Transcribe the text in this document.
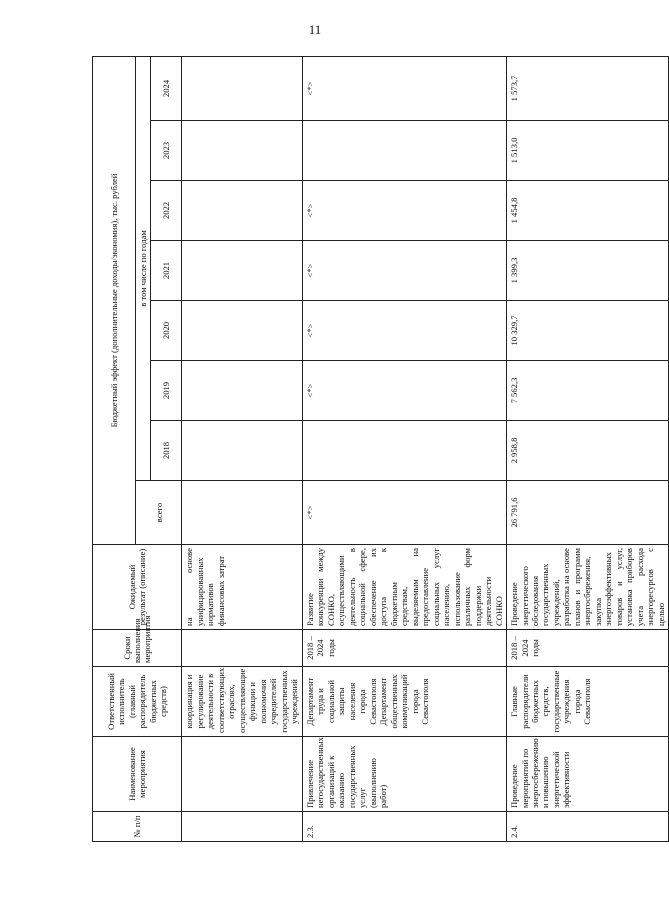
11
№ п/п	Наименование мероприятия	Ответственный исполнитель (главный распорядитель бюджетных средств)	Сроки выполнения мероприятия	Ожидаемый результат (описание)	Бюджетный эффект (дополнительные доходы/экономия), тыс. рублей							
					всего	в том числе по годам						
						2018	2019	2020	2021	2022	2023	2024
		координация и регулирование деятельности в соответствующих отраслях, осуществляющие функции и полномочия учредителей государственных учреждений		на основе унифицированных нормативов финансовых затрат								
2.3.	Привлечение негосударственных организаций к оказанию государственных услуг (выполнению работ)	Департамент труда и социальной защиты населения города Севастополя Департамент общественных коммуникаций города Севастополя	2018 – 2024 годы	Развитие конкуренции между СОНКО, осуществляющими деятельность в социальной сфере, обеспечение их доступа к бюджетным средствам, выделяемым на предоставление социальных услуг населению, использование различных форм поддержки деятельности СОНКО	<*>		<*>	<*>	<*>	<*>		<*>
2.4.	Проведение мероприятий по энергосбережению и повышению энергетической эффективности	Главные распорядители бюджетных средств, государственные учреждения города Севастополя	2018 – 2024 годы	Проведение энергетического обследования государственных учреждений, разработка на основе планов и программ энергосбережения, закупка энергоэффективных товаров и услуг, установка приборов учета расхода энергоресурсов с целью	26 791,6	2 958,8	7 562,3	10 329,7	1 399,3	1 454,8	1 513,0	1 573,7
